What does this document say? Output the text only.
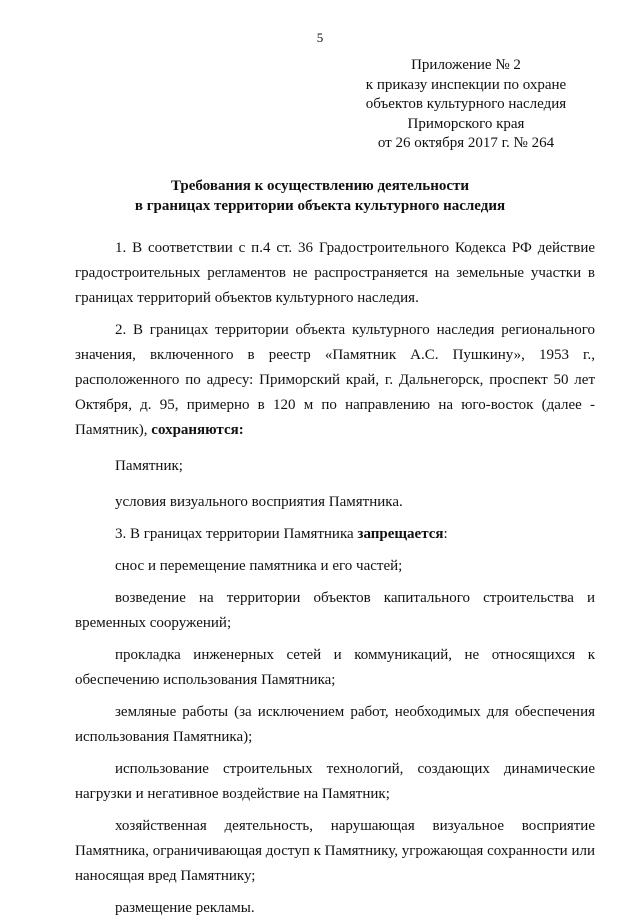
5
Приложение № 2
к приказу инспекции по охране
объектов культурного наследия
Приморского края
от 26 октября 2017 г. № 264
Требования к осуществлению деятельности
в границах территории объекта культурного наследия

1. В соответствии с п.4 ст. 36 Градостроительного Кодекса РФ действие градостроительных регламентов не распространяется на земельные участки в границах территорий объектов культурного наследия.

2. В границах территории объекта культурного наследия регионального значения, включенного в реестр «Памятник А.С. Пушкину», 1953 г., расположенного по адресу: Приморский край, г. Дальнегорск, проспект 50 лет Октября, д. 95, примерно в 120 м по направлению на юго-восток (далее - Памятник), сохраняются:

Памятник;

условия визуального восприятия Памятника.

3. В границах территории Памятника запрещается:

снос и перемещение памятника и его частей;

возведение на территории объектов капитального строительства и временных сооружений;

прокладка инженерных сетей и коммуникаций, не относящихся к обеспечению использования Памятника;

земляные работы (за исключением работ, необходимых для обеспечения использования Памятника);

использование строительных технологий, создающих динамические нагрузки и негативное воздействие на Памятник;

хозяйственная деятельность, нарушающая визуальное восприятие Памятника, ограничивающая доступ к Памятнику, угрожающая сохранности или наносящая вред Памятнику;

размещение рекламы.
